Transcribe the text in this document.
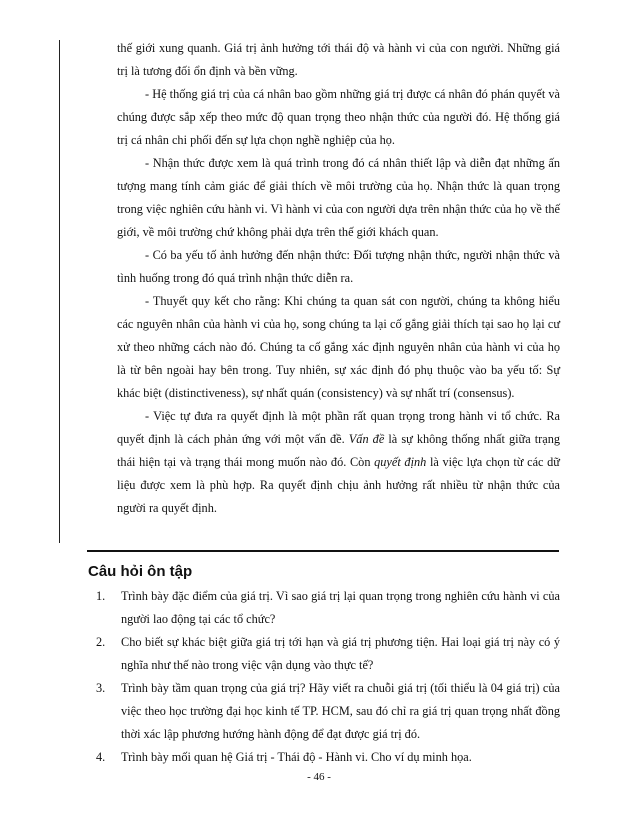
thế giới xung quanh. Giá trị ảnh hưởng tới thái độ và hành vi của con người. Những giá trị là tương đối ổn định và bền vững.

- Hệ thống giá trị của cá nhân bao gồm những giá trị được cá nhân đó phán quyết và chúng được sắp xếp theo mức độ quan trọng theo nhận thức của người đó. Hệ thống giá trị cá nhân chi phối đến sự lựa chọn nghề nghiệp của họ.

- Nhận thức được xem là quá trình trong đó cá nhân thiết lập và diễn đạt những ấn tượng mang tính cảm giác để giải thích về môi trường của họ. Nhận thức là quan trọng trong việc nghiên cứu hành vi. Vì hành vi của con người dựa trên nhận thức của họ về thế giới, về môi trường chứ không phải dựa trên thế giới khách quan.

- Có ba yếu tố ảnh hưởng đến nhận thức: Đối tượng nhận thức, người nhận thức và tình huống trong đó quá trình nhận thức diễn ra.

- Thuyết quy kết cho rằng: Khi chúng ta quan sát con người, chúng ta không hiểu các nguyên nhân của hành vi của họ, song chúng ta lại cố gắng giải thích tại sao họ lại cư xử theo những cách nào đó. Chúng ta cố gắng xác định nguyên nhân của hành vi của họ là từ bên ngoài hay bên trong. Tuy nhiên, sự xác định đó phụ thuộc vào ba yếu tố: Sự khác biệt (distinctiveness), sự nhất quán (consistency) và sự nhất trí (consensus).

- Việc tự đưa ra quyết định là một phần rất quan trọng trong hành vi tổ chức. Ra quyết định là cách phản ứng với một vấn đề. Vấn đề là sự không thống nhất giữa trạng thái hiện tại và trạng thái mong muốn nào đó. Còn quyết định là việc lựa chọn từ các dữ liệu được xem là phù hợp. Ra quyết định chịu ảnh hưởng rất nhiều từ nhận thức của người ra quyết định.

Câu hỏi ôn tập
1. Trình bày đặc điểm của giá trị. Vì sao giá trị lại quan trọng trong nghiên cứu hành vi của người lao động tại các tổ chức?
2. Cho biết sự khác biệt giữa giá trị tới hạn và giá trị phương tiện. Hai loại giá trị này có ý nghĩa như thế nào trong việc vận dụng vào thực tế?
3. Trình bày tầm quan trọng của giá trị? Hãy viết ra chuỗi giá trị (tối thiểu là 04 giá trị) của việc theo học trường đại học kinh tế TP. HCM, sau đó chỉ ra giá trị quan trọng nhất đồng thời xác lập phương hướng hành động để đạt được giá trị đó.
4. Trình bày mối quan hệ Giá trị - Thái độ - Hành vi. Cho ví dụ minh họa.
- 46 -
